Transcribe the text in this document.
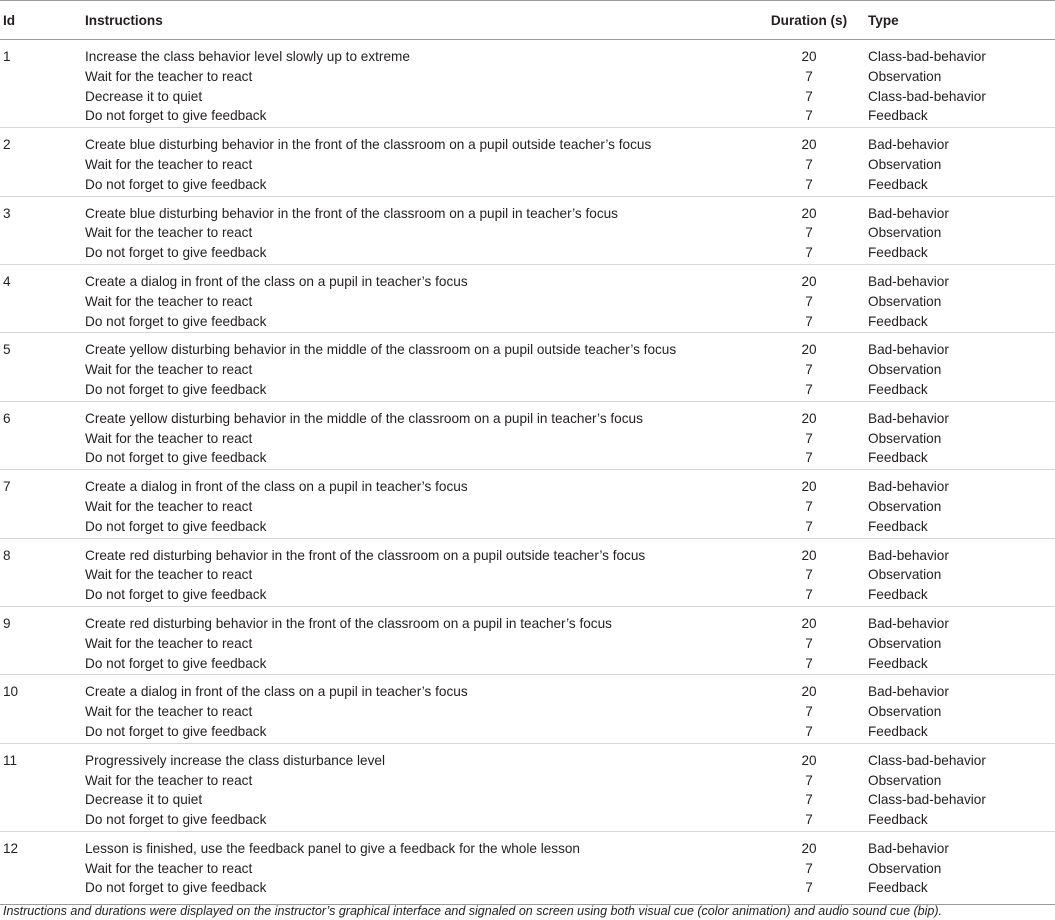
Id	Instructions	Duration (s)	Type
1	Increase the class behavior level slowly up to extreme	20	Class-bad-behavior
	Wait for the teacher to react	7	Observation
	Decrease it to quiet	7	Class-bad-behavior
	Do not forget to give feedback	7	Feedback
2	Create blue disturbing behavior in the front of the classroom on a pupil outside teacher’s focus	20	Bad-behavior
	Wait for the teacher to react	7	Observation
	Do not forget to give feedback	7	Feedback
3	Create blue disturbing behavior in the front of the classroom on a pupil in teacher’s focus	20	Bad-behavior
	Wait for the teacher to react	7	Observation
	Do not forget to give feedback	7	Feedback
4	Create a dialog in front of the class on a pupil in teacher’s focus	20	Bad-behavior
	Wait for the teacher to react	7	Observation
	Do not forget to give feedback	7	Feedback
5	Create yellow disturbing behavior in the middle of the classroom on a pupil outside teacher’s focus	20	Bad-behavior
	Wait for the teacher to react	7	Observation
	Do not forget to give feedback	7	Feedback
6	Create yellow disturbing behavior in the middle of the classroom on a pupil in teacher’s focus	20	Bad-behavior
	Wait for the teacher to react	7	Observation
	Do not forget to give feedback	7	Feedback
7	Create a dialog in front of the class on a pupil in teacher’s focus	20	Bad-behavior
	Wait for the teacher to react	7	Observation
	Do not forget to give feedback	7	Feedback
8	Create red disturbing behavior in the front of the classroom on a pupil outside teacher’s focus	20	Bad-behavior
	Wait for the teacher to react	7	Observation
	Do not forget to give feedback	7	Feedback
9	Create red disturbing behavior in the front of the classroom on a pupil in teacher’s focus	20	Bad-behavior
	Wait for the teacher to react	7	Observation
	Do not forget to give feedback	7	Feedback
10	Create a dialog in front of the class on a pupil in teacher’s focus	20	Bad-behavior
	Wait for the teacher to react	7	Observation
	Do not forget to give feedback	7	Feedback
11	Progressively increase the class disturbance level	20	Class-bad-behavior
	Wait for the teacher to react	7	Observation
	Decrease it to quiet	7	Class-bad-behavior
	Do not forget to give feedback	7	Feedback
12	Lesson is finished, use the feedback panel to give a feedback for the whole lesson	20	Bad-behavior
	Wait for the teacher to react	7	Observation
	Do not forget to give feedback	7	Feedback
Instructions and durations were displayed on the instructor’s graphical interface and signaled on screen using both visual cue (color animation) and audio sound cue (bip).
